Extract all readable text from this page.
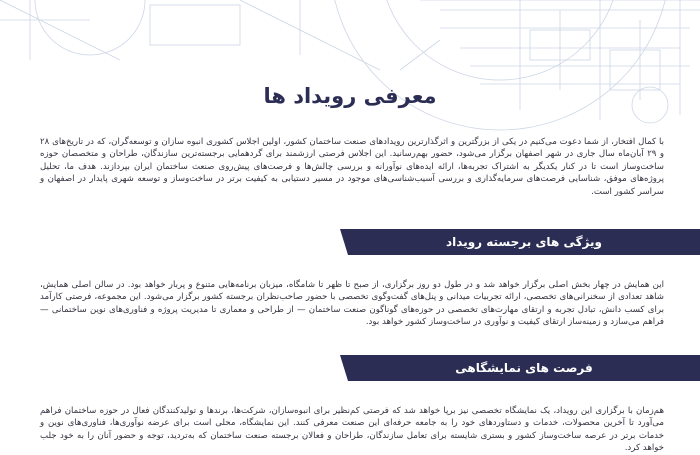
معرفی رویداد ها

با کمال افتخار، از شما دعوت می‌کنیم در یکی از بزرگترین و اثرگذارترین رویدادهای صنعت ساختمان کشور، اولین اجلاس کشوری انبوه سازان و توسعه‌گران، که در تاریخ‌های ۲۸ و ۲۹ آبان‌ماه سال جاری در شهر اصفهان برگزار می‌شود، حضور بهم‌رسانید. این اجلاس فرصتی ارزشمند برای گردهمایی برجسته‌ترین سازندگان، طراحان و متخصصان حوزه ساخت‌وساز است تا در کنار یکدیگر به اشتراک تجربه‌ها، ارائه ایده‌های نوآورانه و بررسی چالش‌ها و فرصت‌های پیش‌روی صنعت ساختمان ایران بپردازند. هدف ما، تحلیل پروژه‌های موفق، شناسایی فرصت‌های سرمایه‌گذاری و بررسی آسیب‌شناسی‌های موجود در مسیر دستیابی به کیفیت برتر در ساخت‌وساز و توسعه شهری پایدار در اصفهان و سراسر کشور است.

ویژگی های برجسته رویداد

این همایش در چهار بخش اصلی برگزار خواهد شد و در طول دو روز برگزاری، از صبح تا ظهر تا شامگاه، میزبان برنامه‌هایی متنوع و پربار خواهد بود. در سالن اصلی همایش، شاهد تعدادی از سخنرانی‌های تخصصی، ارائه تجربیات میدانی و پنل‌های گفت‌وگوی تخصصی با حضور صاحب‌نظران برجسته کشور برگزار می‌شود. این مجموعه، فرصتی کارآمد برای کسب دانش، تبادل تجربه و ارتقای مهارت‌های تخصصی در حوزه‌های گوناگون صنعت ساختمان — از طراحی و معماری تا مدیریت پروژه و فناوری‌های نوین ساختمانی — فراهم می‌سازد و زمینه‌ساز ارتقای کیفیت و نوآوری در ساخت‌وساز کشور خواهد بود.

فرصت های نمایشگاهی

هم‌زمان با برگزاری این رویداد، یک نمایشگاه تخصصی نیز برپا خواهد شد که فرصتی کم‌نظیر برای انبوه‌سازان، شرکت‌ها، برندها و تولیدکنندگان فعال در حوزه ساختمان فراهم می‌آورد تا آخرین محصولات، خدمات و دستاوردهای خود را به جامعه حرفه‌ای این صنعت معرفی کنند. این نمایشگاه، محلی است برای عرضه نوآوری‌ها، فناوری‌های نوین و خدمات برتر در عرصه ساخت‌وساز کشور و بستری شایسته برای تعامل سازندگان، طراحان و فعالان برجسته صنعت ساختمان که به‌تردید، توجه و حضور آنان را به خود جلب خواهد کرد.
